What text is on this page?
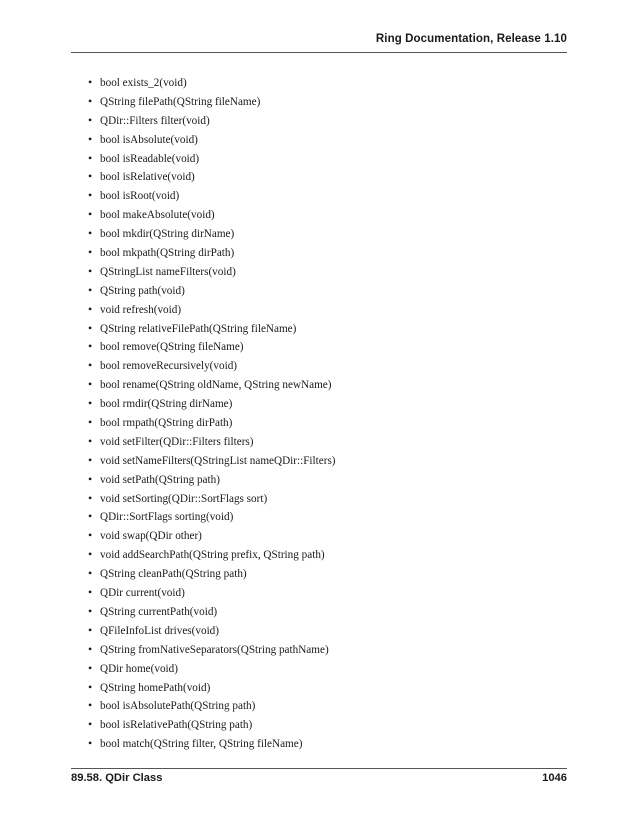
Ring Documentation, Release 1.10
• bool exists_2(void)
• QString filePath(QString fileName)
• QDir::Filters filter(void)
• bool isAbsolute(void)
• bool isReadable(void)
• bool isRelative(void)
• bool isRoot(void)
• bool makeAbsolute(void)
• bool mkdir(QString dirName)
• bool mkpath(QString dirPath)
• QStringList nameFilters(void)
• QString path(void)
• void refresh(void)
• QString relativeFilePath(QString fileName)
• bool remove(QString fileName)
• bool removeRecursively(void)
• bool rename(QString oldName, QString newName)
• bool rmdir(QString dirName)
• bool rmpath(QString dirPath)
• void setFilter(QDir::Filters filters)
• void setNameFilters(QStringList nameQDir::Filters)
• void setPath(QString path)
• void setSorting(QDir::SortFlags sort)
• QDir::SortFlags sorting(void)
• void swap(QDir other)
• void addSearchPath(QString prefix, QString path)
• QString cleanPath(QString path)
• QDir current(void)
• QString currentPath(void)
• QFileInfoList drives(void)
• QString fromNativeSeparators(QString pathName)
• QDir home(void)
• QString homePath(void)
• bool isAbsolutePath(QString path)
• bool isRelativePath(QString path)
• bool match(QString filter, QString fileName)
89.58. QDir Class	1046
